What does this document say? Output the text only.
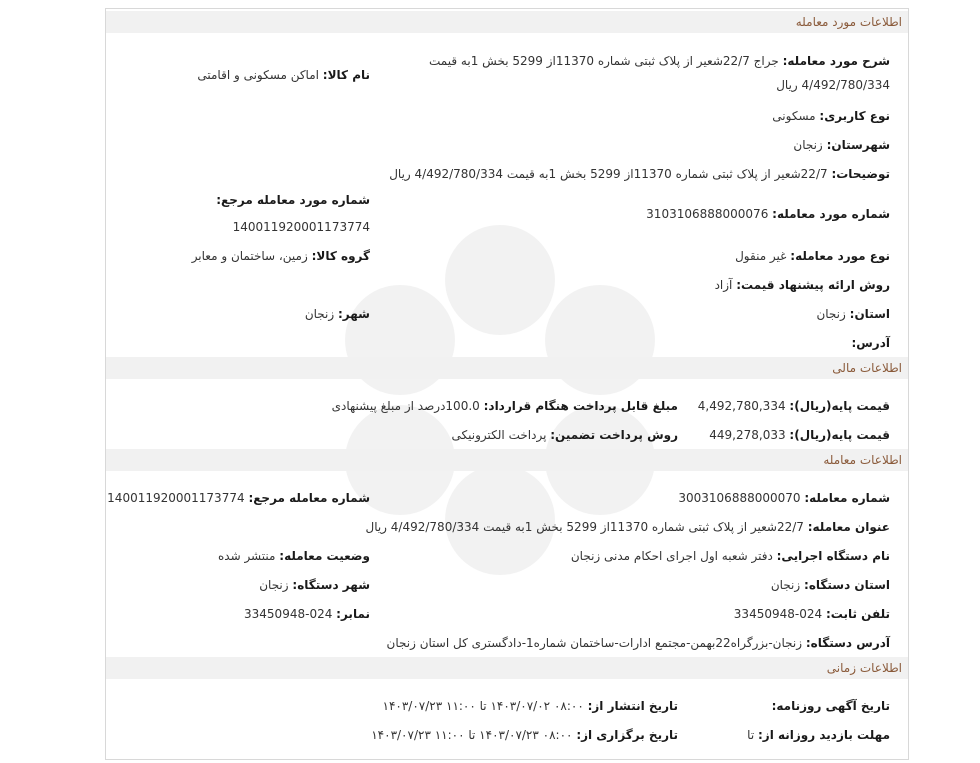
اطلاعات مورد معامله
شرح مورد معامله: جراج 22/7شعیر از پلاک ثبتی شماره 11370از 5299 بخش 1به قیمت
4/492/780/334 ریال
نام کالا: اماکن مسکونی و اقامتی
نوع کاربری: مسکونی
شهرستان: زنجان
توضیحات: 22/7شعیر از پلاک ثبتی شماره 11370از 5299 بخش 1به قیمت 4/492/780/334 ریال
شماره مورد معامله مرجع:
140011920001173774
شماره مورد معامله: 3103106888000076
نوع مورد معامله: غیر منقول
گروه کالا: زمین، ساختمان و معابر
روش ارائه پیشنهاد قیمت: آزاد
استان: زنجان
شهر: زنجان
آدرس:
اطلاعات مالی
قیمت پایه(ریال): 4,492,780,334
مبلغ قابل پرداخت هنگام قرارداد: 100.0درصد از مبلغ پیشنهادی
قیمت پایه(ریال): 449,278,033
روش پرداخت تضمین: پرداخت الکترونیکی
اطلاعات معامله
شماره معامله: 3003106888000070
شماره معامله مرجع: 140011920001173774
عنوان معامله: 22/7شعیر از پلاک ثبتی شماره 11370از 5299 بخش 1به قیمت 4/492/780/334 ریال
نام دستگاه اجرایی: دفتر شعبه اول اجرای احکام مدنی زنجان
وضعیت معامله: منتشر شده
استان دستگاه: زنجان
شهر دستگاه: زنجان
تلفن ثابت: 024-33450948
نمابر: 024-33450948
آدرس دستگاه: زنجان-بزرگراه22بهمن-مجتمع ادارات-ساختمان شماره1-دادگستری کل استان زنجان
اطلاعات زمانی
تاریخ آگهی روزنامه:
تاریخ انتشار از: ۰۸:۰۰ ۱۴۰۳/۰۷/۰۲ تا ۱۱:۰۰ ۱۴۰۳/۰۷/۲۳
مهلت بازدید روزانه از: تا
تاریخ برگزاری از: ۰۸:۰۰ ۱۴۰۳/۰۷/۲۳ تا ۱۱:۰۰ ۱۴۰۳/۰۷/۲۳
